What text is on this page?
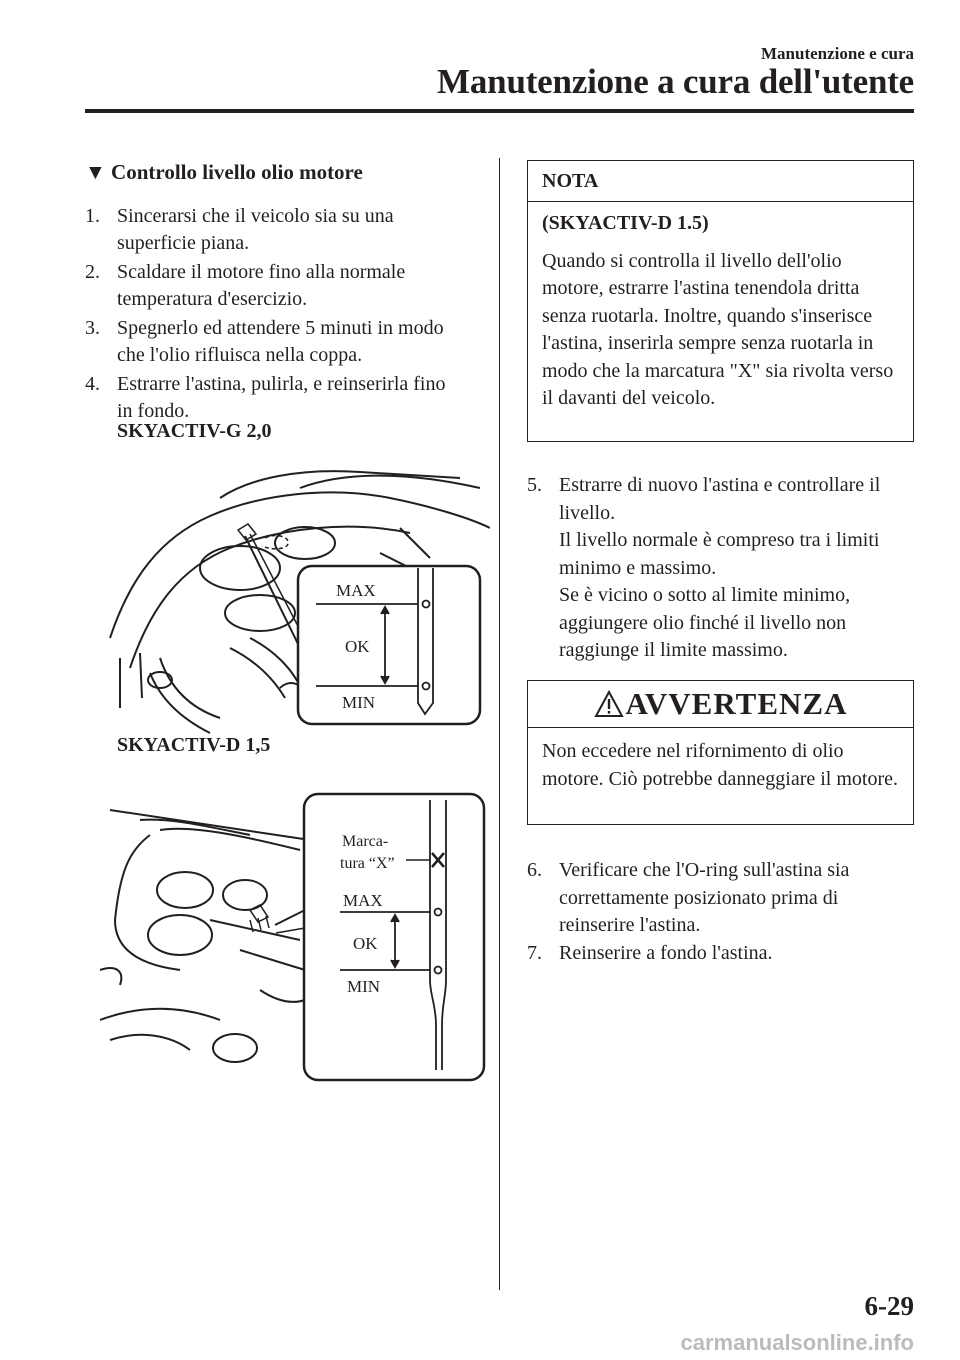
Manutenzione e cura
Manutenzione a cura dell'utente
▼ Controllo livello olio motore
1. Sincerarsi che il veicolo sia su una superficie piana.
2. Scaldare il motore fino alla normale temperatura d'esercizio.
3. Spegnerlo ed attendere 5 minuti in modo che l'olio rifluisca nella coppa.
4. Estrarre l'astina, pulirla, e reinserirla fino in fondo.
SKYACTIV-G 2,0
MAX
OK
MIN
SKYACTIV-D 1,5
Marca-
tura “X”
MAX
OK
MIN
NOTA
(SKYACTIV-D 1.5)
Quando si controlla il livello dell'olio motore, estrarre l'astina tenendola dritta senza ruotarla. Inoltre, quando s'inserisce l'astina, inserirla sempre senza ruotarla in modo che la marcatura "X" sia rivolta verso il davanti del veicolo.
5. Estrarre di nuovo l'astina e controllare il livello.
Il livello normale è compreso tra i limiti minimo e massimo.
Se è vicino o sotto al limite minimo, aggiungere olio finché il livello non raggiunge il limite massimo.
AVVERTENZA
Non eccedere nel rifornimento di olio motore. Ciò potrebbe danneggiare il motore.
6. Verificare che l'O-ring sull'astina sia correttamente posizionato prima di reinserire l'astina.
7. Reinserire a fondo l'astina.
6-29
carmanualsonline.info
